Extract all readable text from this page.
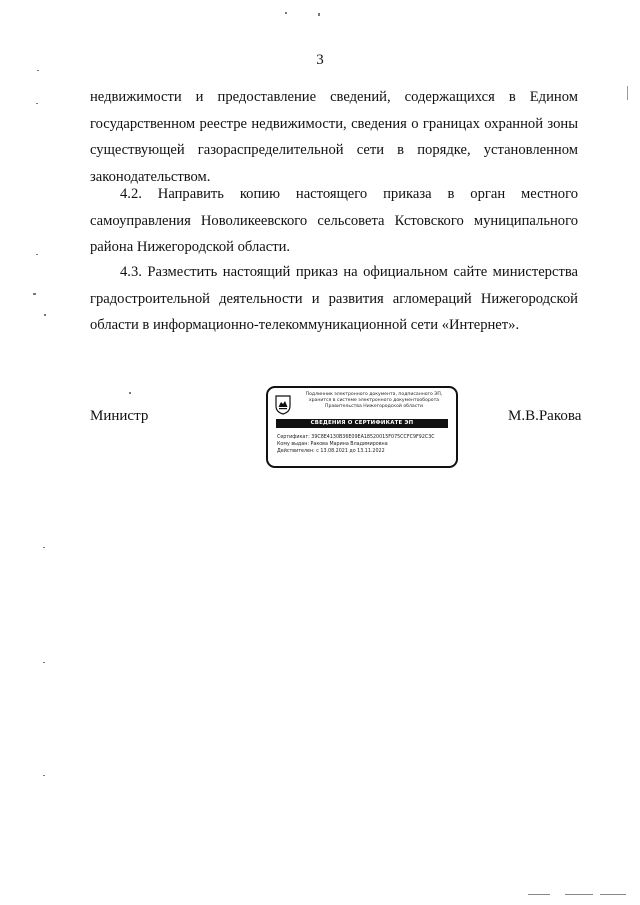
3

недвижимости и предоставление сведений, содержащихся в Едином
государственном реестре недвижимости, сведения о границах охранной зоны
существующей газораспределительной сети в порядке, установленном
законодательством.

4.2. Направить копию настоящего приказа в орган местного
самоуправления Новоликеевского сельсовета Кстовского муниципального
района Нижегородской области.

4.3. Разместить настоящий приказ на официальном сайте министерства
градостроительной деятельности и развития агломераций Нижегородской
области в информационно-телекоммуникационной сети «Интернет».

Министр	М.В.Ракова
Подлинник электронного документа, подписанного ЭП,
хранится в системе электронного документооборота
Правительства Нижегородской области
СВЕДЕНИЯ О СЕРТИФИКАТЕ ЭП
Сертификат: 39C8E4130B36E09EA18520015F075CCFC9F92C3C
Кому выдан: Ракова Марина Владимировна
Действителен: с 13.08.2021 до 13.11.2022
